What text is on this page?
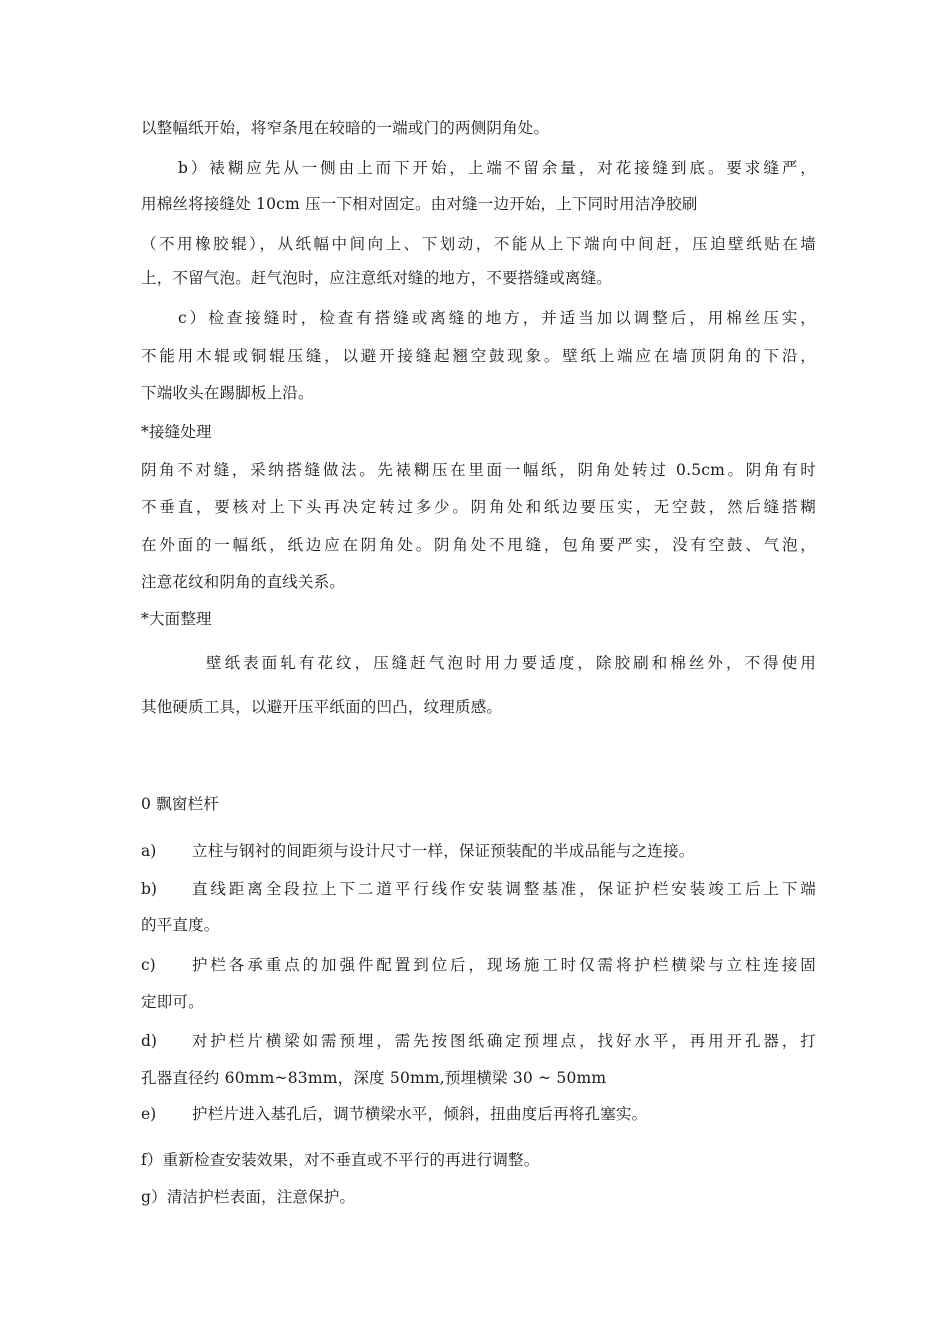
以整幅纸开始，将窄条甩在较暗的一端或门的两侧阴角处。
b）裱糊应先从一侧由上而下开始，上端不留余量，对花接缝到底。要求缝严，
用棉丝将接缝处 10cm 压一下相对固定。由对缝一边开始，上下同时用洁净胶刷
（不用橡胶辊），从纸幅中间向上、下划动，不能从上下端向中间赶，压迫壁纸贴在墙
上，不留气泡。赶气泡时，应注意纸对缝的地方，不要搭缝或离缝。
c）检查接缝时，检查有搭缝或离缝的地方，并适当加以调整后，用棉丝压实，
不能用木辊或铜辊压缝，以避开接缝起翘空鼓现象。壁纸上端应在墙顶阴角的下沿，
下端收头在踢脚板上沿。
*接缝处理
阴角不对缝，采纳搭缝做法。先裱糊压在里面一幅纸，阴角处转过 0.5cm。阴角有时
不垂直，要核对上下头再决定转过多少。阴角处和纸边要压实，无空鼓，然后缝搭糊
在外面的一幅纸，纸边应在阴角处。阴角处不甩缝，包角要严实，没有空鼓、气泡，
注意花纹和阴角的直线关系。
*大面整理
壁纸表面轧有花纹，压缝赶气泡时用力要适度，除胶刷和棉丝外，不得使用
其他硬质工具，以避开压平纸面的凹凸，纹理质感。
0 飘窗栏杆
a)	立柱与钢衬的间距须与设计尺寸一样，保证预装配的半成品能与之连接。
b)	直线距离全段拉上下二道平行线作安装调整基准，保证护栏安装竣工后上下端
的平直度。
c)	护栏各承重点的加强件配置到位后，现场施工时仅需将护栏横梁与立柱连接固
定即可。
d)	对护栏片横梁如需预埋，需先按图纸确定预埋点，找好水平，再用开孔器，打
孔器直径约 60mm~83mm，深度 50mm,预埋横梁 30 ~ 50mm
e)	护栏片进入基孔后，调节横梁水平，倾斜，扭曲度后再将孔塞实。
f）重新检查安装效果，对不垂直或不平行的再进行调整。
g）清洁护栏表面，注意保护。
